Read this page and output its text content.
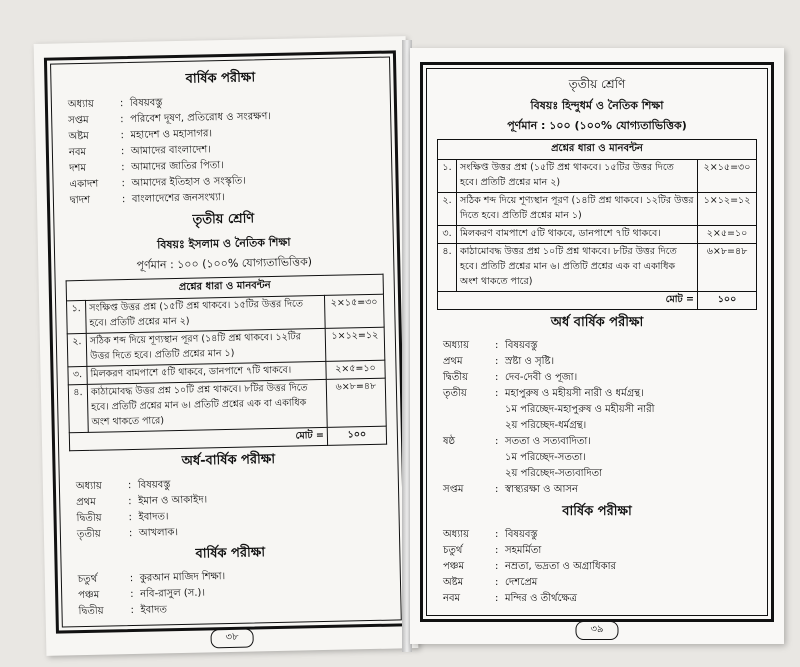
বার্ষিক পরীক্ষা
অধ্যায়	: বিষয়বস্তু
সপ্তম	: পরিবেশ দূষণ, প্রতিরোধ ও সংরক্ষণ।
অষ্টম	: মহাদেশ ও মহাসাগর।
নবম	: আমাদের বাংলাদেশ।
দশম	: আমাদের জাতির পিতা।
একাদশ	: আমাদের ইতিহাস ও সংস্কৃতি।
দ্বাদশ	: বাংলাদেশের জনসংখ্যা।
তৃতীয় শ্রেণি
বিষয়ঃ ইসলাম ও নৈতিক শিক্ষা
পূর্ণমান : ১০০ (১০০% যোগ্যতাভিত্তিক)
প্রশ্নের ধারা ও মানবন্টন		
১.	সংক্ষিপ্ত উত্তর প্রশ্ন (১৫টি প্রশ্ন থাকবে। ১৫টির উত্তর দিতে হবে। প্রতিটি প্রশ্নের মান ২)	২×১৫=৩০
২.	সঠিক শব্দ দিয়ে শূণ্যস্থান পূরণ (১৪টি প্রশ্ন থাকবে। ১২টির উত্তর দিতে হবে। প্রতিটি প্রশ্নের মান ১)	১×১২=১২
৩.	মিলকরণ বামপাশে ৫টি থাকবে, ডানপাশে ৭টি থাকবে।	২×৫=১০
৪.	কাঠামোবদ্ধ উত্তর প্রশ্ন ১০টি প্রশ্ন থাকবে। ৮টির উত্তর দিতে হবে। প্রতিটি প্রশ্নের মান ৬। প্রতিটি প্রশ্নের এক বা একাধিক অংশ থাকতে পারে)	৬×৮=৪৮
মোট =		১০০
অর্ধ-বার্ষিক পরীক্ষা
অধ্যায়	: বিষয়বস্তু
প্রথম	: ইমান ও আকাইদ।
দ্বিতীয়	: ইবাদত।
তৃতীয়	: আখলাক।
বার্ষিক পরীক্ষা
চতুর্থ	: কুরআন মাজিদ শিক্ষা।
পঞ্চম	: নবি-রাসুল (স.)।
দ্বিতীয়	: ইবাদত
৩৮
তৃতীয় শ্রেণি
বিষয়ঃ হিন্দুধর্ম ও নৈতিক শিক্ষা
পূর্ণমান : ১০০ (১০০% যোগ্যতাভিত্তিক)
প্রশ্নের ধারা ও মানবন্টন		
১.	সংক্ষিপ্ত উত্তর প্রশ্ন (১৫টি প্রশ্ন থাকবে। ১৫টির উত্তর দিতে হবে। প্রতিটি প্রশ্নের মান ২)	২×১৫=৩০
২.	সঠিক শব্দ দিয়ে শূণ্যস্থান পূরণ (১৪টি প্রশ্ন থাকবে। ১২টির উত্তর দিতে হবে। প্রতিটি প্রশ্নের মান ১)	১×১২=১২
৩.	মিলকরণ বামপাশে ৫টি থাকবে, ডানপাশে ৭টি থাকবে।	২×৫=১০
৪.	কাঠামোবদ্ধ উত্তর প্রশ্ন ১০টি প্রশ্ন থাকবে। ৮টির উত্তর দিতে হবে। প্রতিটি প্রশ্নের মান ৬। প্রতিটি প্রশ্নের এক বা একাধিক অংশ থাকতে পারে)	৬×৮=৪৮
মোট =		১০০
অর্ধ বার্ষিক পরীক্ষা
অধ্যায়	: বিষয়বস্তু
প্রথম	: স্রষ্টা ও সৃষ্টি।
দ্বিতীয়	: দেব-দেবী ও পূজা।
তৃতীয়	: মহাপুরুষ ও মহীয়সী নারী ও ধর্মগ্রন্থ।
১ম পরিচ্ছেদ-মহাপুরুষ ও মহীয়সী নারী
২য় পরিচ্ছেদ-ধর্মগ্রন্থ।
ষষ্ঠ	: সততা ও সত্যবাদিতা।
১ম পরিচ্ছেদ-সততা।
২য় পরিচ্ছেদ-সত্যবাদিতা
সপ্তম	: স্বাস্থ্যরক্ষা ও আসন
বার্ষিক পরীক্ষা
অধ্যায়	: বিষয়বস্তু
চতুর্থ	: সহমর্মিতা
পঞ্চম	: নম্রতা, ভদ্রতা ও অগ্রাধিকার
অষ্টম	: দেশপ্রেম
নবম	: মন্দির ও তীর্থক্ষেত্র
৩৯
